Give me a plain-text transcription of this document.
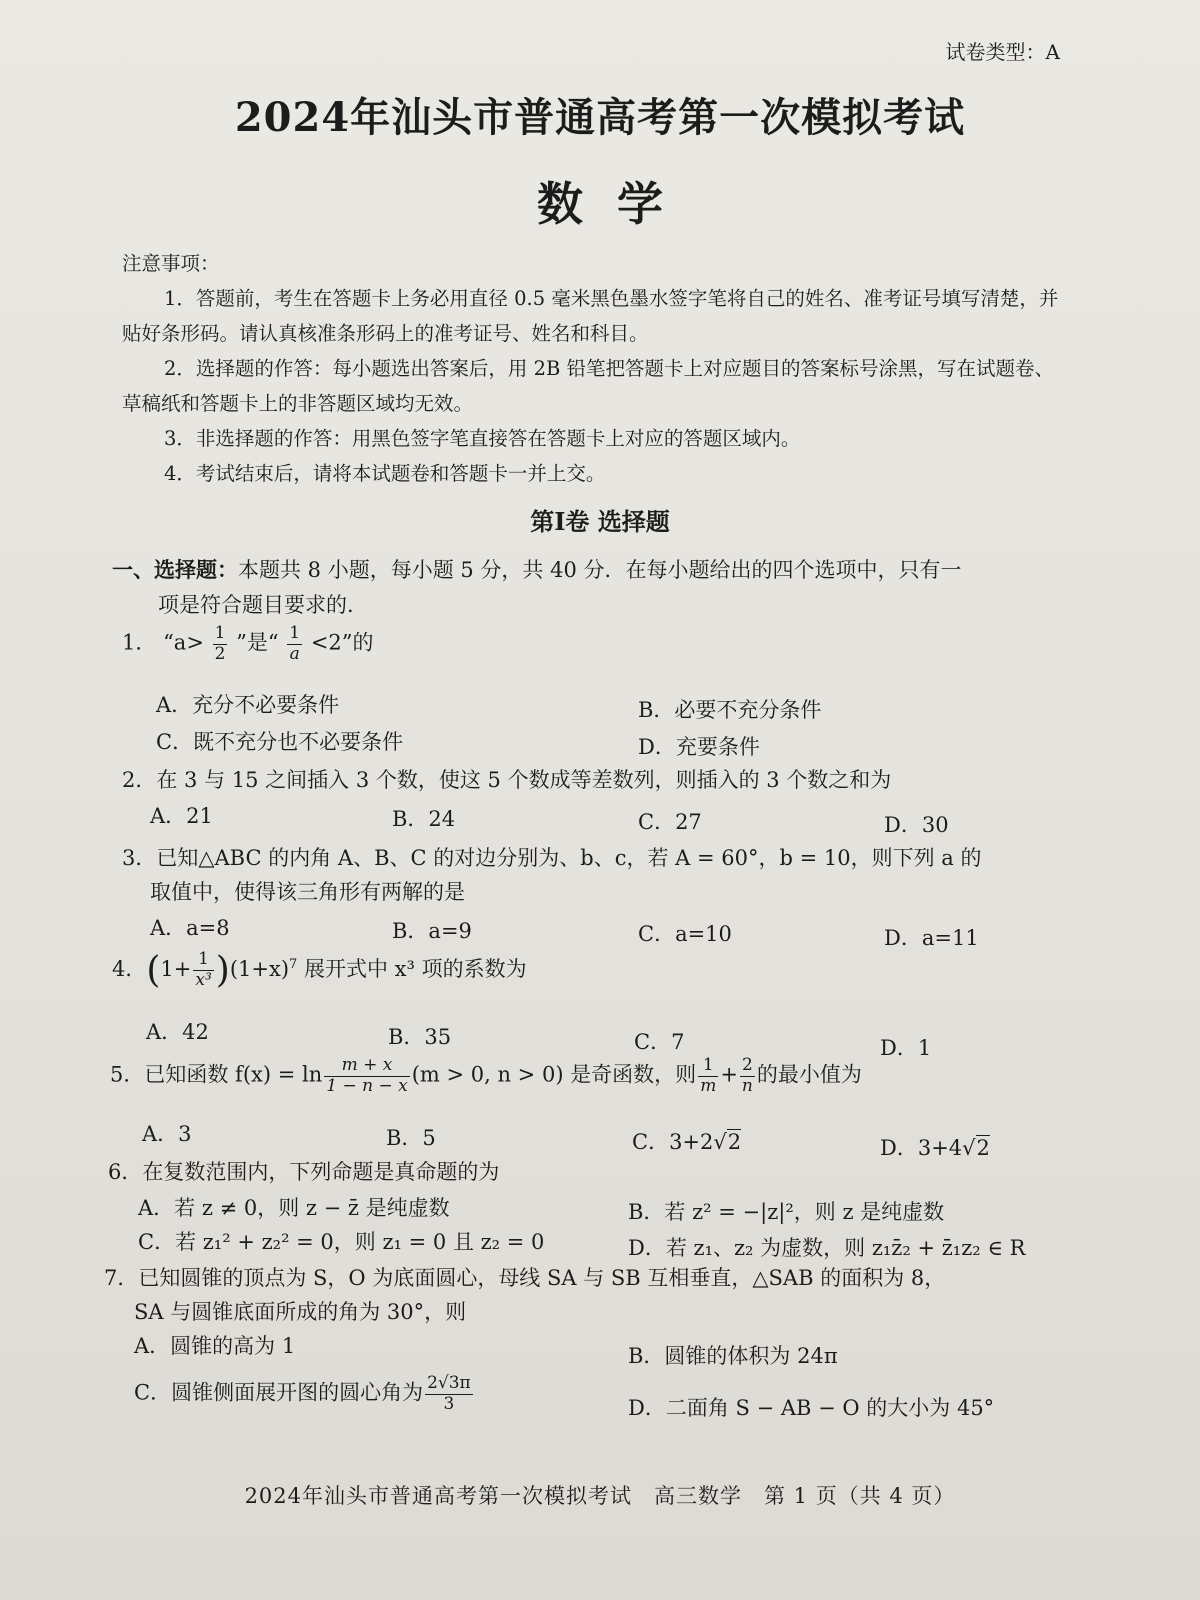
试卷类型：A
2024年汕头市普通高考第一次模拟考试
数学

注意事项：

1．答题前，考生在答题卡上务必用直径 0.5 毫米黑色墨水签字笔将自己的姓名、准考证号填写清楚，并贴好条形码。请认真核准条形码上的准考证号、姓名和科目。

2．选择题的作答：每小题选出答案后，用 2B 铅笔把答题卡上对应题目的答案标号涂黑，写在试题卷、草稿纸和答题卡上的非答题区域均无效。

3．非选择题的作答：用黑色签字笔直接答在答题卡上对应的答题区域内。

4．考试结束后，请将本试题卷和答题卡一并上交。

第Ⅰ卷 选择题
一、选择题：本题共 8 小题，每小题 5 分，共 40 分．在每小题给出的四个选项中，只有一
项是符合题目要求的．
1． “$a> \frac{1}{2}$ ”是“ $\frac{1}{a} <2$”的
A．充分不必要条件	B．必要不充分条件
C．既不充分也不必要条件	D．充要条件
2．在 3 与 15 之间插入 3 个数，使这 5 个数成等差数列，则插入的 3 个数之和为
A．21	B．24	C．27	D．30
3．已知△ABC 的内角 A、B、C 的对边分别为、b、c，若 A = 60°，b = 10，则下列 a 的
取值中，使得该三角形有两解的是
A．a=8	B．a=9	C．a=10	D．a=11
4．$(1+ \frac{1}{\text{x³}} )(1+x)^7$ 展开式中 x³ 项的系数为
A．42	B．35	C．7	D．1
5．已知函数 $f(x) = \ln \frac{m + x}{1 - n - x} (m > 0$, n > 0) 是奇函数，则 $\frac{1}{m} + \frac{2}{n}$ 的最小值为
A．3	B．5	C．3+2√2	D．3+4√2
6．在复数范围内，下列命题是真命题的为
A．若 z ≠ 0，则 z − z̄ 是纯虚数	B．若 z² = −|z|²，则 z 是纯虚数
C．若 z₁² + z₂² = 0，则 z₁ = 0 且 z₂ = 0	D．若 z₁、z₂ 为虚数，则 z₁z̄₂ + z̄₁z₂ ∈ R
7．已知圆锥的顶点为 S，O 为底面圆心，母线 SA 与 SB 互相垂直，△SAB 的面积为 8，
SA 与圆锥底面所成的角为 30°，则
A．圆锥的高为 1	B．圆锥的体积为 24π
C．圆锥侧面展开图的圆心角为 $\frac{2√3\pi}{3}$	D．二面角 S − AB − O 的大小为 45°
2024年汕头市普通高考第一次模拟考试　高三数学　第 1 页（共 4 页）
